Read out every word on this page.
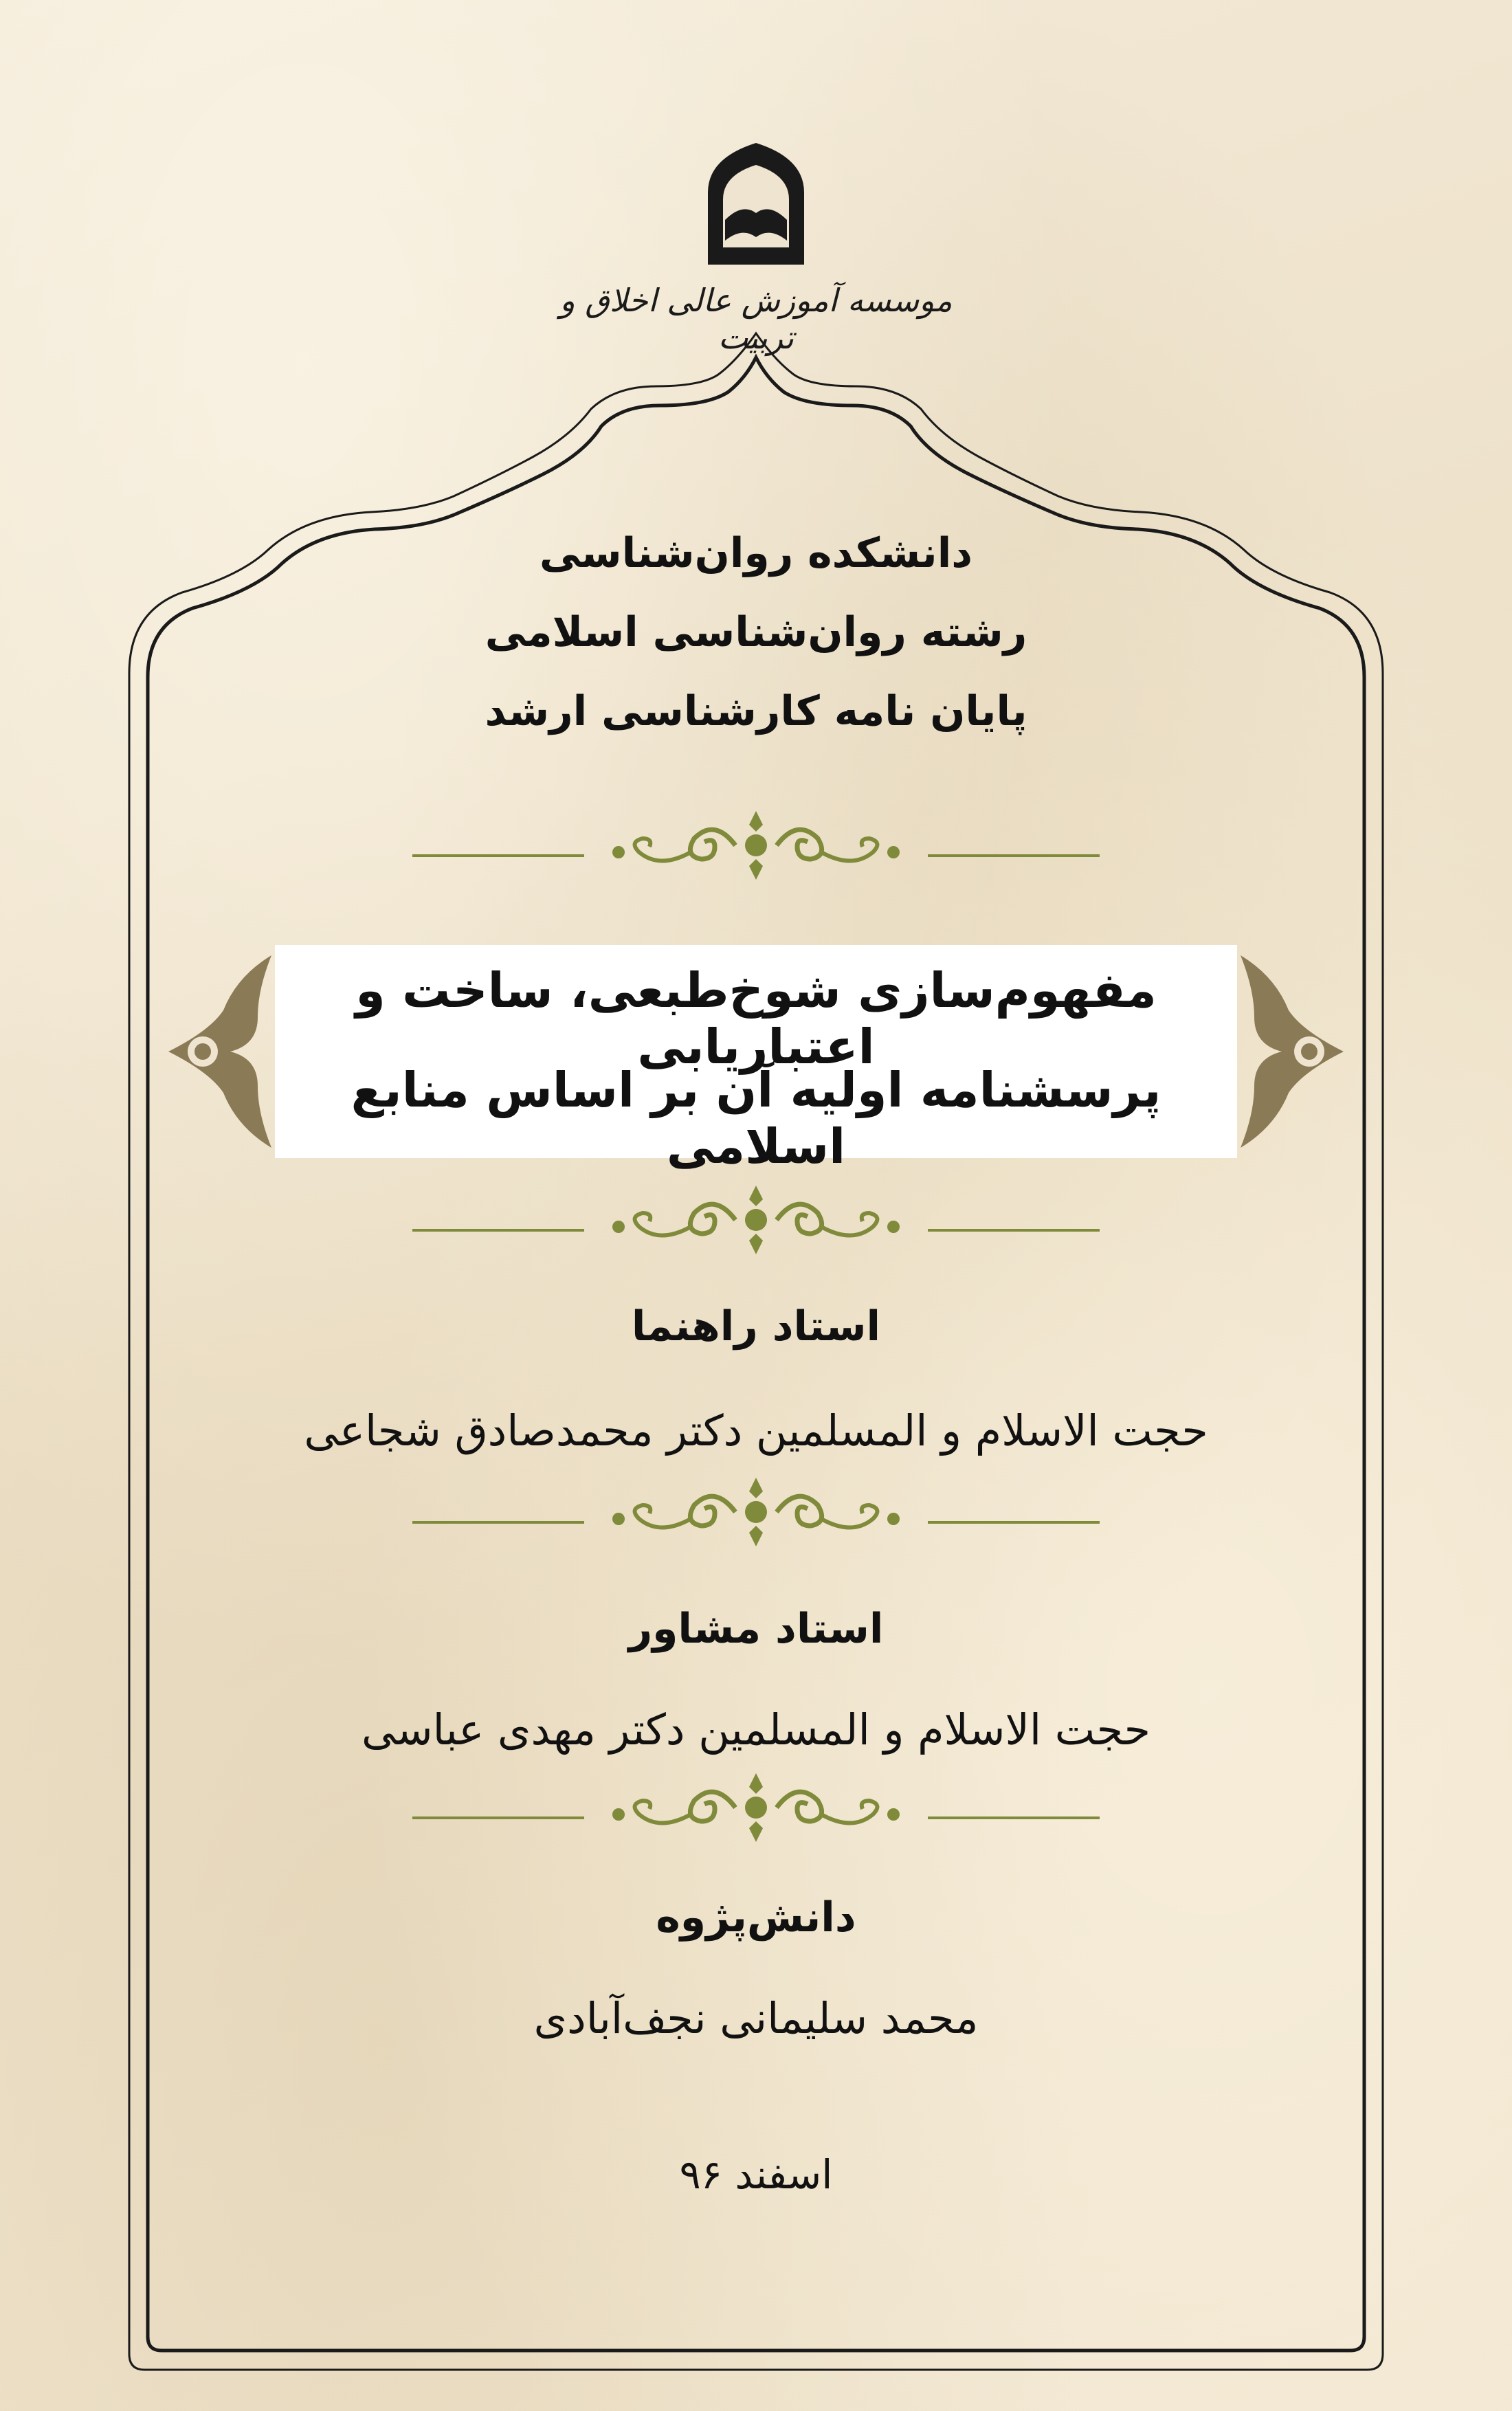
موسسه آموزش عالی اخلاق و تربیت
دانشکده روان‌شناسی
رشته روان‌شناسی اسلامی
پایان نامه کارشناسی ارشد
مفهوم‌سازی شوخ‌طبعی، ساخت و اعتباریابی
پرسشنامه اولیه آن بر اساس منابع اسلامی
استاد راهنما
حجت الاسلام و المسلمین دکتر محمدصادق شجاعی
استاد مشاور
حجت الاسلام و المسلمین دکتر مهدی عباسی
دانش‌پژوه
محمد سلیمانی نجف‌آبادی
اسفند ۹۶
